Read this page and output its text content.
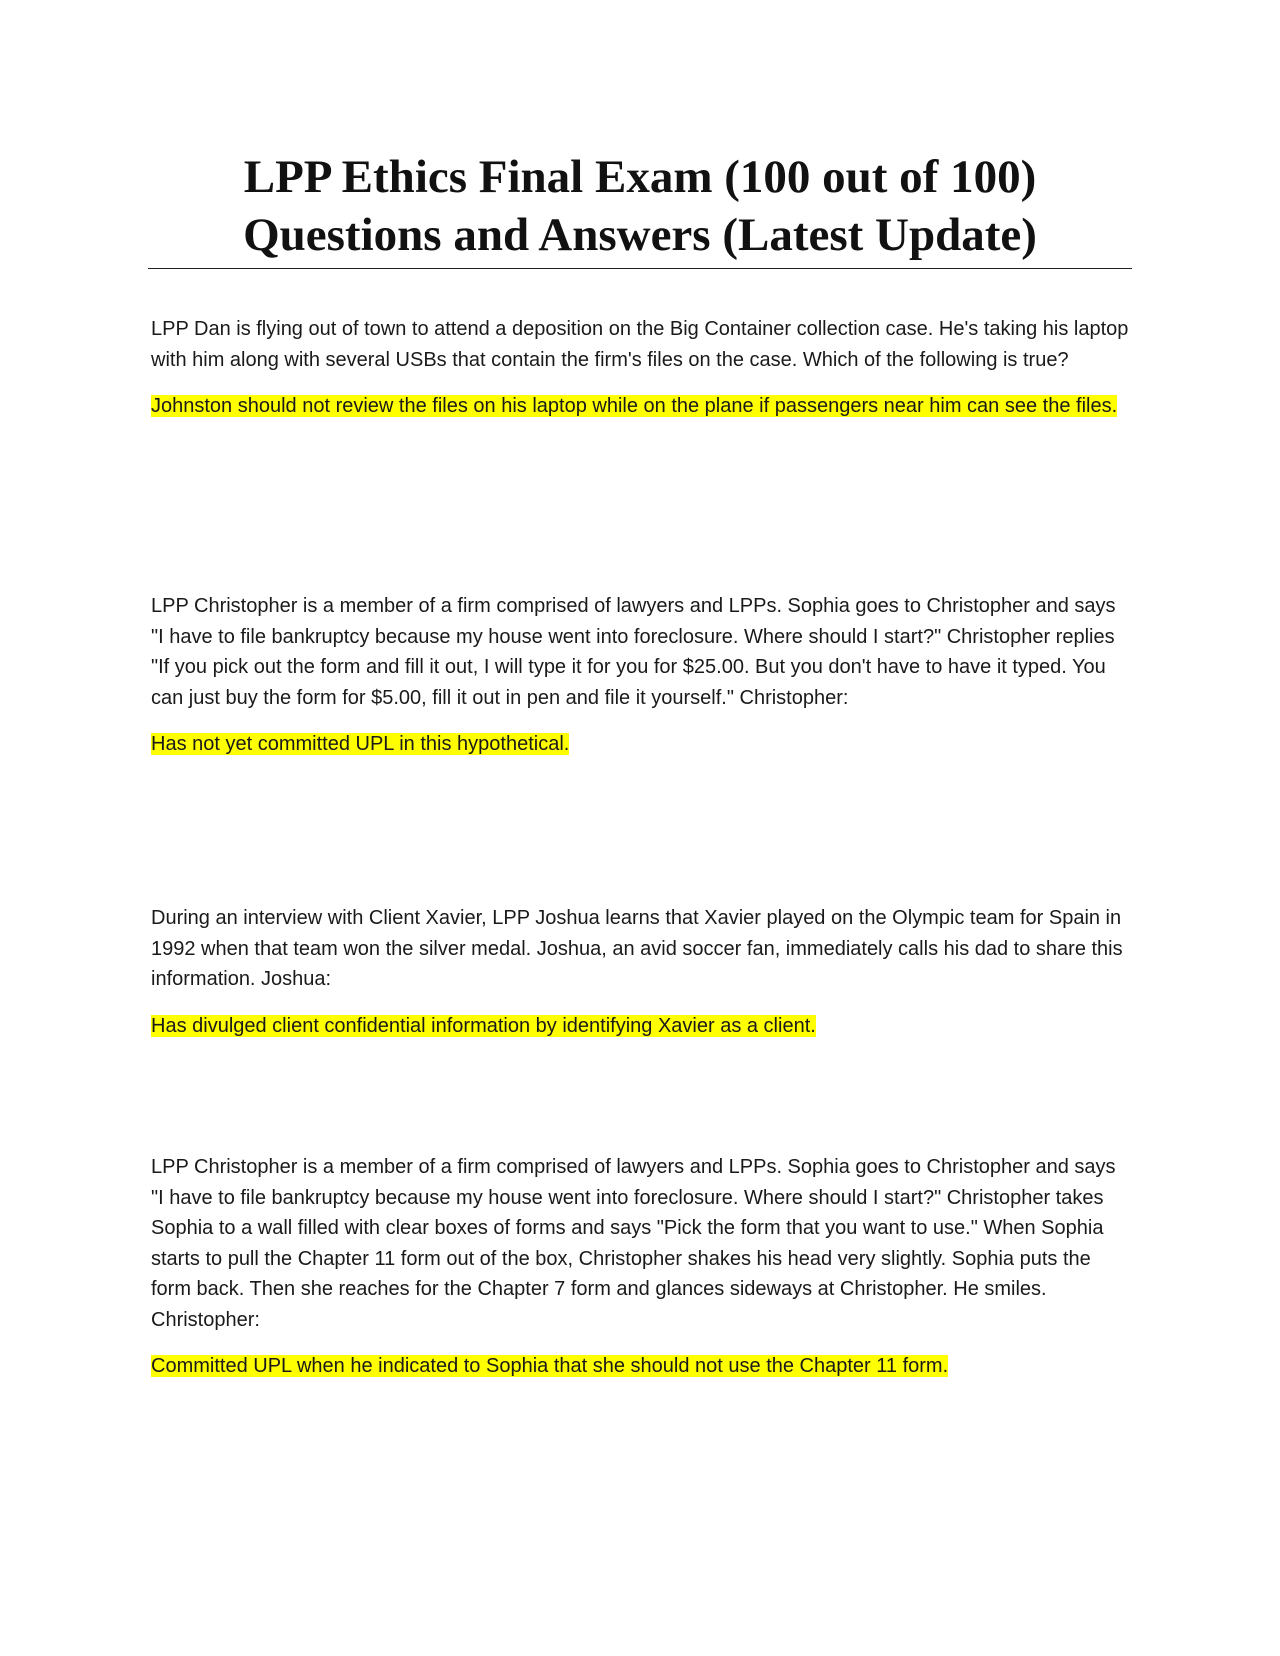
LPP Ethics Final Exam (100 out of 100)

Questions and Answers (Latest Update)

LPP Dan is flying out of town to attend a deposition on the Big Container collection case. He's taking his laptop with him along with several USBs that contain the firm's files on the case. Which of the following is true?

Johnston should not review the files on his laptop while on the plane if passengers near him can see the files.

LPP Christopher is a member of a firm comprised of lawyers and LPPs. Sophia goes to Christopher and says "I have to file bankruptcy because my house went into foreclosure. Where should I start?" Christopher replies "If you pick out the form and fill it out, I will type it for you for $25.00. But you don't have to have it typed. You can just buy the form for $5.00, fill it out in pen and file it yourself." Christopher:

Has not yet committed UPL in this hypothetical.

During an interview with Client Xavier, LPP Joshua learns that Xavier played on the Olympic team for Spain in 1992 when that team won the silver medal. Joshua, an avid soccer fan, immediately calls his dad to share this information. Joshua:

Has divulged client confidential information by identifying Xavier as a client.

LPP Christopher is a member of a firm comprised of lawyers and LPPs. Sophia goes to Christopher and says "I have to file bankruptcy because my house went into foreclosure. Where should I start?" Christopher takes Sophia to a wall filled with clear boxes of forms and says "Pick the form that you want to use." When Sophia starts to pull the Chapter 11 form out of the box, Christopher shakes his head very slightly. Sophia puts the form back. Then she reaches for the Chapter 7 form and glances sideways at Christopher. He smiles. Christopher:

Committed UPL when he indicated to Sophia that she should not use the Chapter 11 form.
